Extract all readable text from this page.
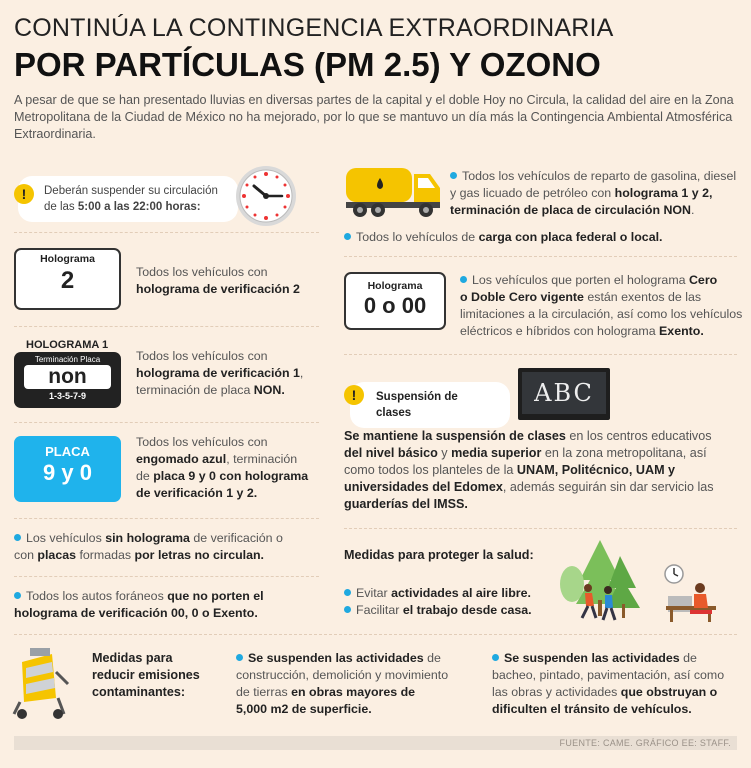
CONTINÚA LA CONTINGENCIA EXTRAORDINARIA
POR PARTÍCULAS (PM 2.5) Y OZONO
A pesar de que se han presentado lluvias en diversas partes de la capital y el doble Hoy no Circula, la calidad del aire en la Zona Metropolitana de la Ciudad de México no ha mejorado, por lo que se mantuvo un día más la Contingencia Ambiental Atmosférica Extraordinaria.
Deberán suspender su circulación
de las 5:00 a las 22:00 horas:
!
Holograma
2	Todos los vehículos con
holograma de verificación 2
HOLOGRAMA 1
Terminación Placa
non
1-3-5-7-9
Todos los vehículos con
holograma de verificación 1,
terminación de placa NON.
PLACA
9 y 0
Todos los vehículos con
engomado azul, terminación
de placa 9 y 0 con holograma
de verificación 1 y 2.
Los vehículos sin holograma de verificación o
con placas formadas por letras no circulan.
Todos los autos foráneos que no porten el
holograma de verificación 00, 0 o Exento.
Todos los vehículos de reparto de gasolina, diesel
y gas licuado de petróleo con holograma 1 y 2,
terminación de placa de circulación NON.
Todos lo vehículos de carga con placa federal o local.
Holograma
0 o 00
Los vehículos que porten el holograma Cero
o Doble Cero vigente están exentos de las
limitaciones a la circulación, así como los vehículos
eléctricos e híbridos con holograma Exento.
Suspensión de clases
!	ABC
Se mantiene la suspensión de clases en los centros educativos
del nivel básico y media superior en la zona metropolitana, así
como todos los planteles de la UNAM, Politécnico, UAM y
universidades del Edomex, además seguirán sin dar servicio las
guarderías del IMSS.
Medidas para proteger la salud:
Evitar actividades al aire libre.
Facilitar el trabajo desde casa.
Medidas para
reducir emisiones
contaminantes:
Se suspenden las actividades de
construcción, demolición y movimiento
de tierras en obras mayores de
5,000 m2 de superficie.
Se suspenden las actividades de
bacheo, pintado, pavimentación, así como
las obras y actividades que obstruyan o
dificulten el tránsito de vehículos.
FUENTE: CAME. GRÁFICO EE: STAFF.
